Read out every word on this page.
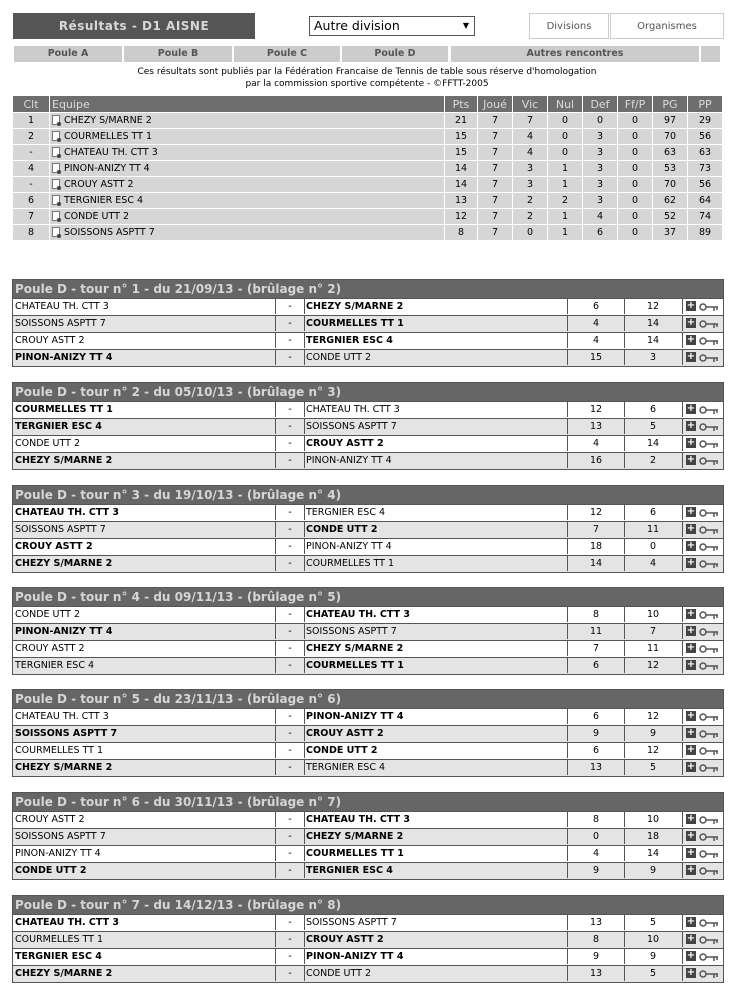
Résultats - D1 AISNE	Autre division	▼	Divisions	Organismes
Poule A	Poule B	Poule C	Poule D	Autres rencontres
Ces résultats sont publiés par la Fédération Francaise de Tennis de table sous réserve d'homologation
par la commission sportive compétente - ©FFTT-2005
Clt	Equipe	Pts	Joué	Vic	Nul	Def	Ff/P	PG	PP
1	CHEZY S/MARNE 2	21	7	7	0	0	0	97	29
2	COURMELLES TT 1	15	7	4	0	3	0	70	56
-	CHATEAU TH. CTT 3	15	7	4	0	3	0	63	63
4	PINON-ANIZY TT 4	14	7	3	1	3	0	53	73
-	CROUY ASTT 2	14	7	3	1	3	0	70	56
6	TERGNIER ESC 4	13	7	2	2	3	0	62	64
7	CONDE UTT 2	12	7	2	1	4	0	52	74
8	SOISSONS ASPTT 7	8	7	0	1	6	0	37	89
Poule D - tour n° 1 - du 21/09/13 - (brûlage n° 2)
CHATEAU TH. CTT 3	-	CHEZY S/MARNE 2	6	12	+
SOISSONS ASPTT 7	-	COURMELLES TT 1	4	14	+
CROUY ASTT 2	-	TERGNIER ESC 4	4	14	+
PINON-ANIZY TT 4	-	CONDE UTT 2	15	3	+
Poule D - tour n° 2 - du 05/10/13 - (brûlage n° 3)
COURMELLES TT 1	-	CHATEAU TH. CTT 3	12	6	+
TERGNIER ESC 4	-	SOISSONS ASPTT 7	13	5	+
CONDE UTT 2	-	CROUY ASTT 2	4	14	+
CHEZY S/MARNE 2	-	PINON-ANIZY TT 4	16	2	+
Poule D - tour n° 3 - du 19/10/13 - (brûlage n° 4)
CHATEAU TH. CTT 3	-	TERGNIER ESC 4	12	6	+
SOISSONS ASPTT 7	-	CONDE UTT 2	7	11	+
CROUY ASTT 2	-	PINON-ANIZY TT 4	18	0	+
CHEZY S/MARNE 2	-	COURMELLES TT 1	14	4	+
Poule D - tour n° 4 - du 09/11/13 - (brûlage n° 5)
CONDE UTT 2	-	CHATEAU TH. CTT 3	8	10	+
PINON-ANIZY TT 4	-	SOISSONS ASPTT 7	11	7	+
CROUY ASTT 2	-	CHEZY S/MARNE 2	7	11	+
TERGNIER ESC 4	-	COURMELLES TT 1	6	12	+
Poule D - tour n° 5 - du 23/11/13 - (brûlage n° 6)
CHATEAU TH. CTT 3	-	PINON-ANIZY TT 4	6	12	+
SOISSONS ASPTT 7	-	CROUY ASTT 2	9	9	+
COURMELLES TT 1	-	CONDE UTT 2	6	12	+
CHEZY S/MARNE 2	-	TERGNIER ESC 4	13	5	+
Poule D - tour n° 6 - du 30/11/13 - (brûlage n° 7)
CROUY ASTT 2	-	CHATEAU TH. CTT 3	8	10	+
SOISSONS ASPTT 7	-	CHEZY S/MARNE 2	0	18	+
PINON-ANIZY TT 4	-	COURMELLES TT 1	4	14	+
CONDE UTT 2	-	TERGNIER ESC 4	9	9	+
Poule D - tour n° 7 - du 14/12/13 - (brûlage n° 8)
CHATEAU TH. CTT 3	-	SOISSONS ASPTT 7	13	5	+
COURMELLES TT 1	-	CROUY ASTT 2	8	10	+
TERGNIER ESC 4	-	PINON-ANIZY TT 4	9	9	+
CHEZY S/MARNE 2	-	CONDE UTT 2	13	5	+
